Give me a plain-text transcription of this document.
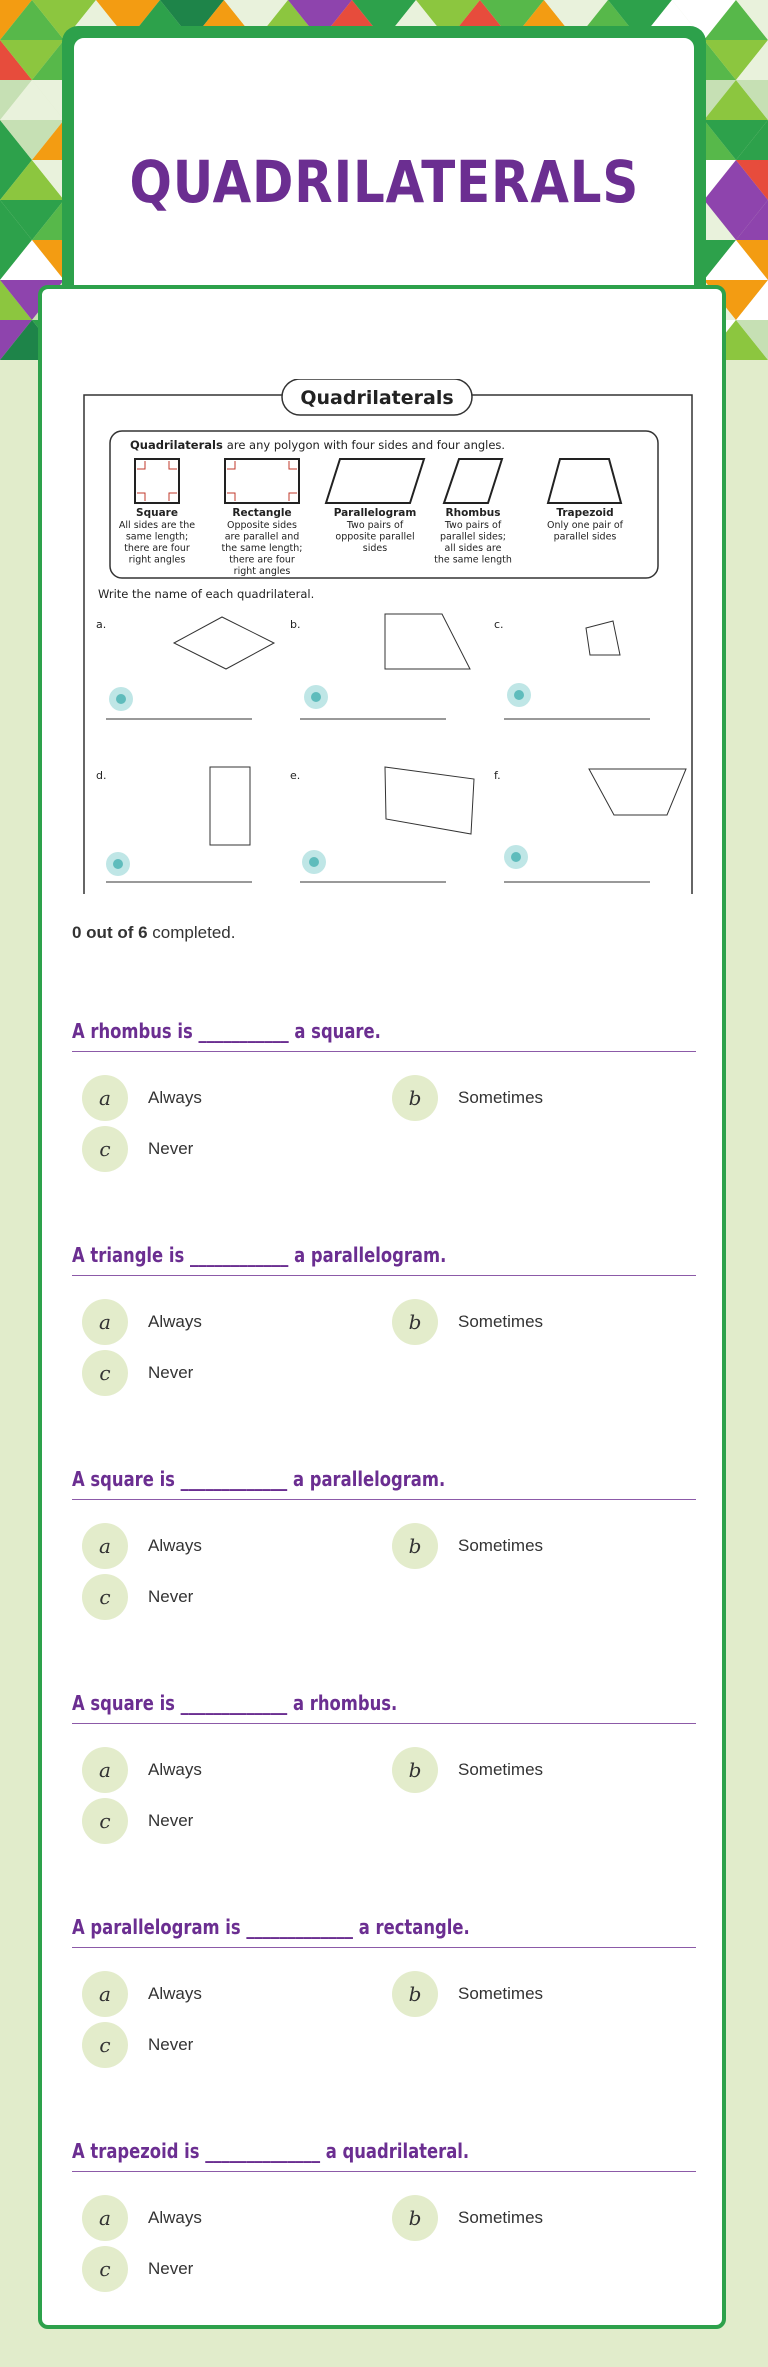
QUADRILATERALS
Quadrilaterals
Quadrilaterals are any polygon with four sides and four angles.
Square
All sides are the
same length;
there are four
right angles
Rectangle
Opposite sides
are parallel and
the same length;
there are four
right angles
Parallelogram
Two pairs of
opposite parallel
sides
Rhombus
Two pairs of
parallel sides;
all sides are
the same length
Trapezoid
Only one pair of
parallel sides
Write the name of each quadrilateral.
a.	b.	c.
d.	e.	f.
0 out of 6 completed.
A rhombus is ___________ a square.
a	Always	b	Sometimes
c	Never
A triangle is ____________ a parallelogram.
a	Always	b	Sometimes
c	Never
A square is _____________ a parallelogram.
a	Always	b	Sometimes
c	Never
A square is _____________ a rhombus.
a	Always	b	Sometimes
c	Never
A parallelogram is _____________ a rectangle.
a	Always	b	Sometimes
c	Never
A trapezoid is ______________ a quadrilateral.
a	Always	b	Sometimes
c	Never
